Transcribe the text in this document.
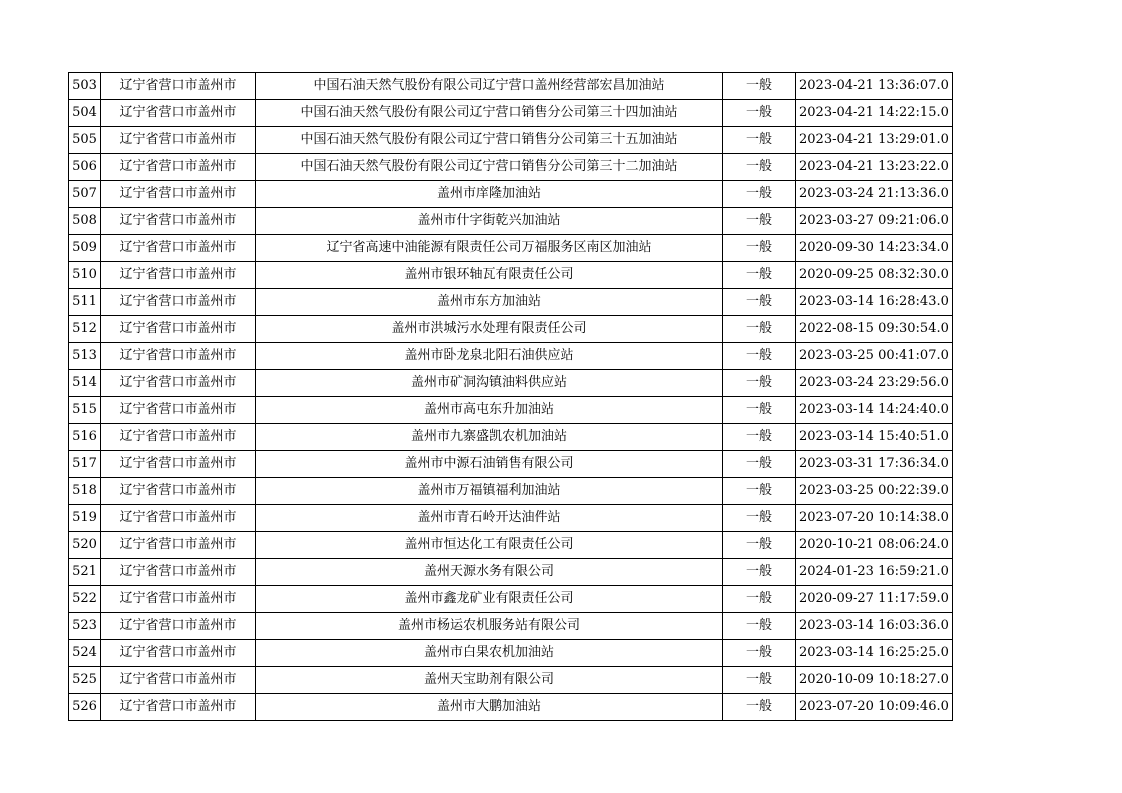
503	辽宁省营口市盖州市	中国石油天然气股份有限公司辽宁营口盖州经营部宏昌加油站	一般	2023-04-21 13:36:07.0
504	辽宁省营口市盖州市	中国石油天然气股份有限公司辽宁营口销售分公司第三十四加油站	一般	2023-04-21 14:22:15.0
505	辽宁省营口市盖州市	中国石油天然气股份有限公司辽宁营口销售分公司第三十五加油站	一般	2023-04-21 13:29:01.0
506	辽宁省营口市盖州市	中国石油天然气股份有限公司辽宁营口销售分公司第三十二加油站	一般	2023-04-21 13:23:22.0
507	辽宁省营口市盖州市	盖州市庠隆加油站	一般	2023-03-24 21:13:36.0
508	辽宁省营口市盖州市	盖州市什字街乾兴加油站	一般	2023-03-27 09:21:06.0
509	辽宁省营口市盖州市	辽宁省高速中油能源有限责任公司万福服务区南区加油站	一般	2020-09-30 14:23:34.0
510	辽宁省营口市盖州市	盖州市银环轴瓦有限责任公司	一般	2020-09-25 08:32:30.0
511	辽宁省营口市盖州市	盖州市东方加油站	一般	2023-03-14 16:28:43.0
512	辽宁省营口市盖州市	盖州市洪城污水处理有限责任公司	一般	2022-08-15 09:30:54.0
513	辽宁省营口市盖州市	盖州市卧龙泉北阳石油供应站	一般	2023-03-25 00:41:07.0
514	辽宁省营口市盖州市	盖州市矿洞沟镇油料供应站	一般	2023-03-24 23:29:56.0
515	辽宁省营口市盖州市	盖州市高屯东升加油站	一般	2023-03-14 14:24:40.0
516	辽宁省营口市盖州市	盖州市九寨盛凯农机加油站	一般	2023-03-14 15:40:51.0
517	辽宁省营口市盖州市	盖州市中源石油销售有限公司	一般	2023-03-31 17:36:34.0
518	辽宁省营口市盖州市	盖州市万福镇福利加油站	一般	2023-03-25 00:22:39.0
519	辽宁省营口市盖州市	盖州市青石岭开达油件站	一般	2023-07-20 10:14:38.0
520	辽宁省营口市盖州市	盖州市恒达化工有限责任公司	一般	2020-10-21 08:06:24.0
521	辽宁省营口市盖州市	盖州天源水务有限公司	一般	2024-01-23 16:59:21.0
522	辽宁省营口市盖州市	盖州市鑫龙矿业有限责任公司	一般	2020-09-27 11:17:59.0
523	辽宁省营口市盖州市	盖州市杨运农机服务站有限公司	一般	2023-03-14 16:03:36.0
524	辽宁省营口市盖州市	盖州市白果农机加油站	一般	2023-03-14 16:25:25.0
525	辽宁省营口市盖州市	盖州天宝助剂有限公司	一般	2020-10-09 10:18:27.0
526	辽宁省营口市盖州市	盖州市大鹏加油站	一般	2023-07-20 10:09:46.0
